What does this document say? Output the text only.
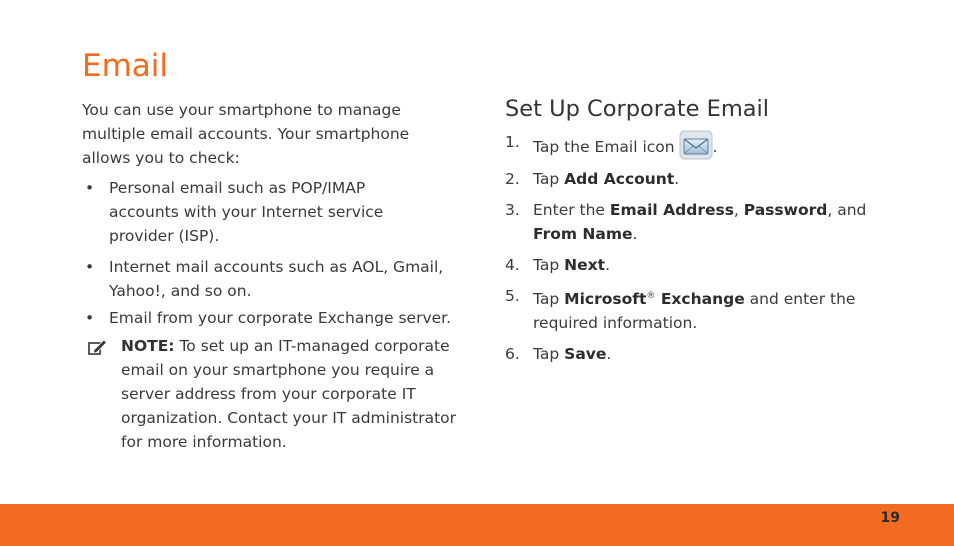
Email

You can use your smartphone to manage multiple email accounts. Your smartphone allows you to check:

• Personal email such as POP/IMAP accounts with your Internet service provider (ISP).
• Internet mail accounts such as AOL, Gmail, Yahoo!, and so on.
• Email from your corporate Exchange server.
NOTE: To set up an IT-managed corporate email on your smartphone you require a server address from your corporate IT organization. Contact your IT administrator for more information.
Set Up Corporate Email
1. Tap the Email icon .
2. Tap Add Account.
3. Enter the Email Address, Password, and From Name.
4. Tap Next.
5. Tap Microsoft® Exchange and enter the required information.
6. Tap Save.
19
